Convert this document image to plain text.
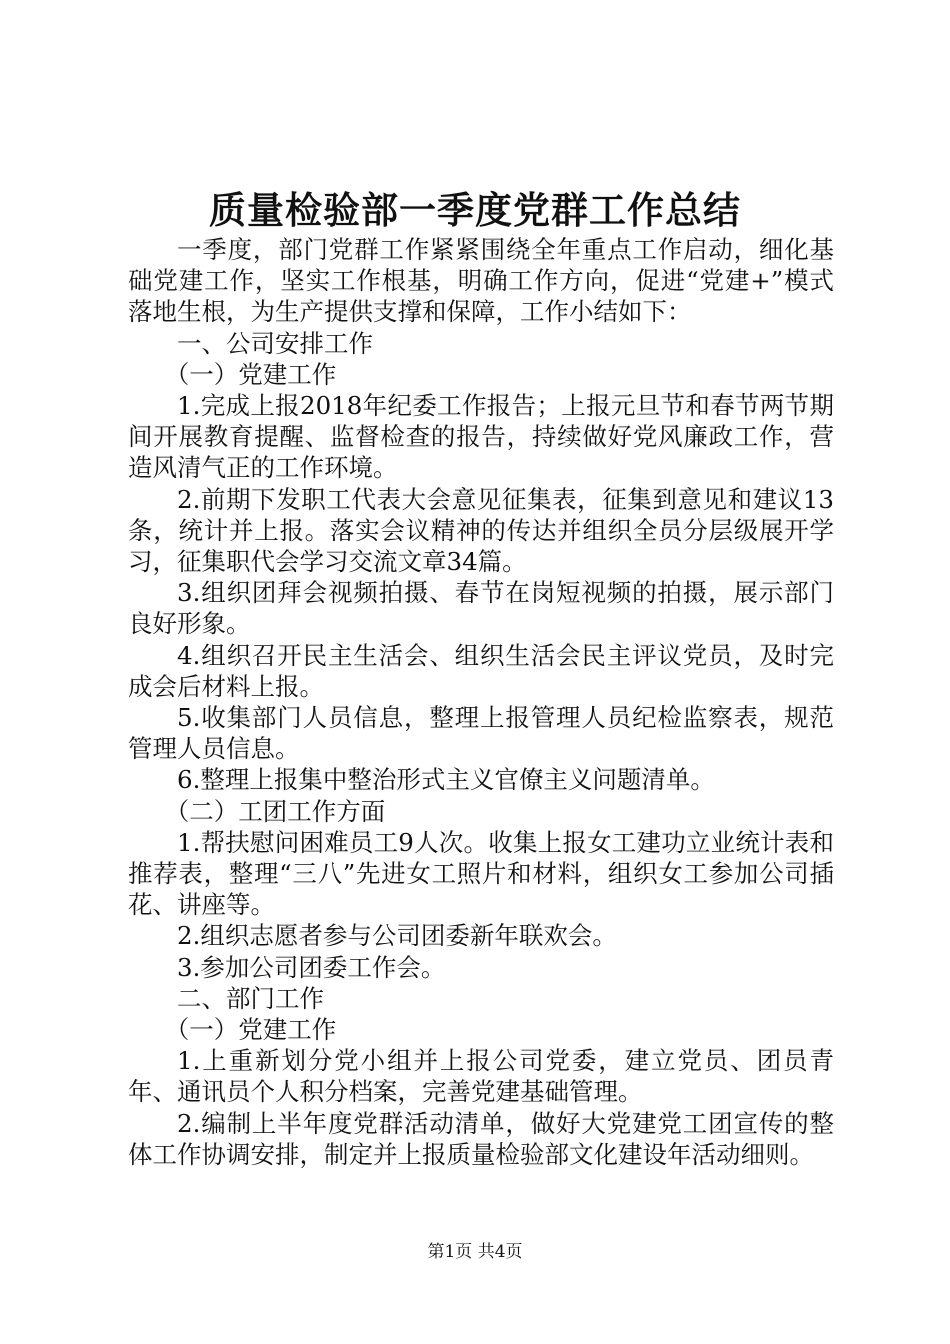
质量检验部一季度党群工作总结

一季度，部门党群工作紧紧围绕全年重点工作启动，细化基础党建工作，坚实工作根基，明确工作方向，促进“党建+”模式落地生根，为生产提供支撑和保障，工作小结如下：

一、公司安排工作

（一）党建工作

1.完成上报2018年纪委工作报告；上报元旦节和春节两节期间开展教育提醒、监督检查的报告，持续做好党风廉政工作，营造风清气正的工作环境。

2.前期下发职工代表大会意见征集表，征集到意见和建议13条，统计并上报。落实会议精神的传达并组织全员分层级展开学习，征集职代会学习交流文章34篇。

3.组织团拜会视频拍摄、春节在岗短视频的拍摄，展示部门良好形象。

4.组织召开民主生活会、组织生活会民主评议党员，及时完成会后材料上报。

5.收集部门人员信息，整理上报管理人员纪检监察表，规范管理人员信息。

6.整理上报集中整治形式主义官僚主义问题清单。

（二）工团工作方面

1.帮扶慰问困难员工9人次。收集上报女工建功立业统计表和推荐表，整理“三八”先进女工照片和材料，组织女工参加公司插花、讲座等。

2.组织志愿者参与公司团委新年联欢会。

3.参加公司团委工作会。

二、部门工作

（一）党建工作

1.上重新划分党小组并上报公司党委，建立党员、团员青年、通讯员个人积分档案，完善党建基础管理。

2.编制上半年度党群活动清单，做好大党建党工团宣传的整体工作协调安排，制定并上报质量检验部文化建设年活动细则。

第1页 共4页
